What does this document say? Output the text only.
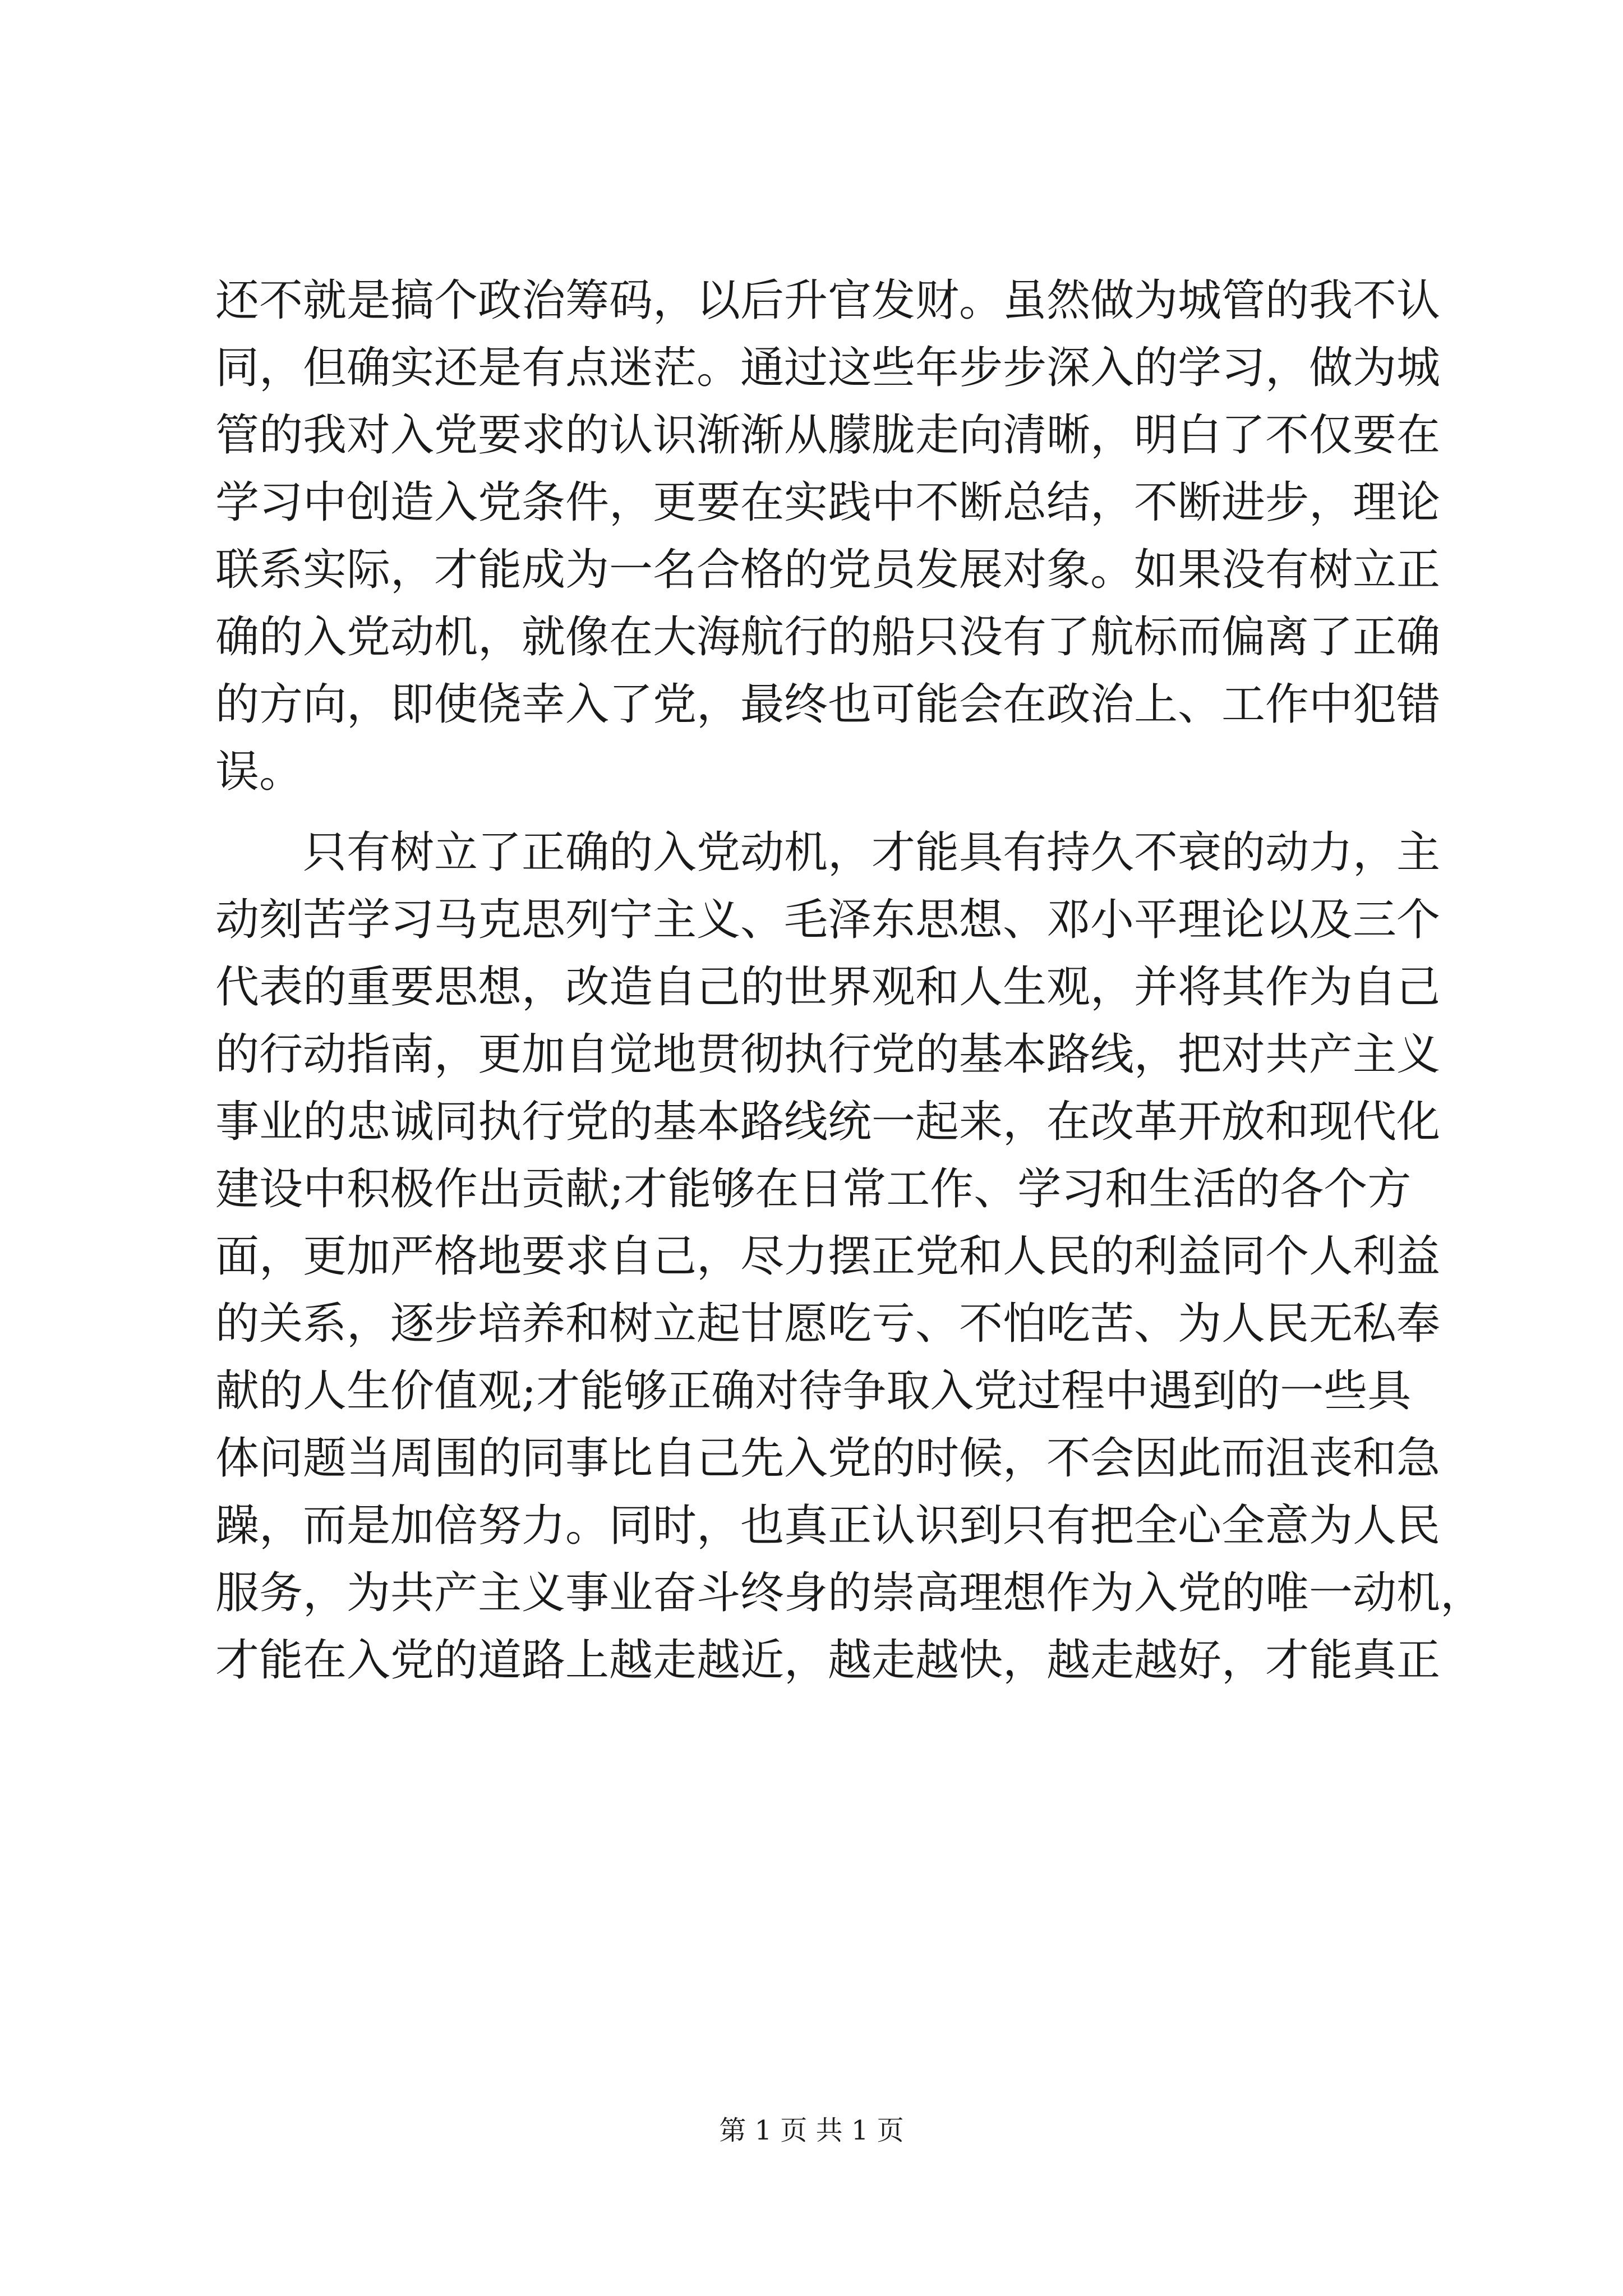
还不就是搞个政治筹码，以后升官发财。虽然做为城管的我不认
同，但确实还是有点迷茫。通过这些年步步深入的学习，做为城
管的我对入党要求的认识渐渐从朦胧走向清晰，明白了不仅要在
学习中创造入党条件，更要在实践中不断总结，不断进步，理论
联系实际，才能成为一名合格的党员发展对象。如果没有树立正
确的入党动机，就像在大海航行的船只没有了航标而偏离了正确
的方向，即使侥幸入了党，最终也可能会在政治上、工作中犯错
误。
只有树立了正确的入党动机，才能具有持久不衰的动力，主
动刻苦学习马克思列宁主义、毛泽东思想、邓小平理论以及三个
代表的重要思想，改造自己的世界观和人生观，并将其作为自己
的行动指南，更加自觉地贯彻执行党的基本路线，把对共产主义
事业的忠诚同执行党的基本路线统一起来，在改革开放和现代化
建设中积极作出贡献;才能够在日常工作、学习和生活的各个方
面，更加严格地要求自己，尽力摆正党和人民的利益同个人利益
的关系，逐步培养和树立起甘愿吃亏、不怕吃苦、为人民无私奉
献的人生价值观;才能够正确对待争取入党过程中遇到的一些具
体问题当周围的同事比自己先入党的时候，不会因此而沮丧和急
躁，而是加倍努力。同时，也真正认识到只有把全心全意为人民
服务，为共产主义事业奋斗终身的崇高理想作为入党的唯一动机，
才能在入党的道路上越走越近，越走越快，越走越好，才能真正
第 1 页 共 1 页
